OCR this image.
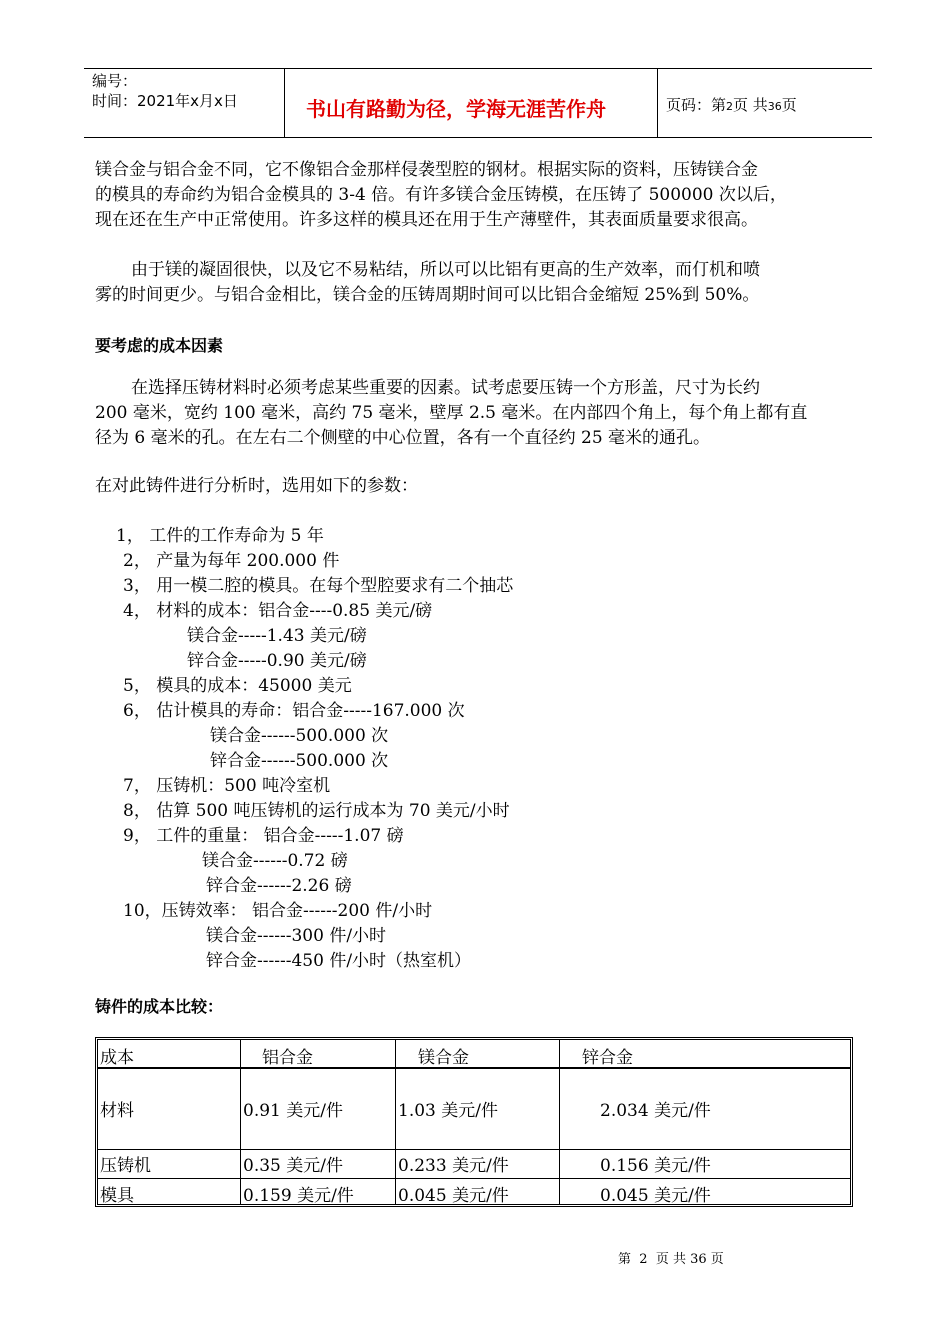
编号：
时间：2021年x月x日	书山有路勤为径，学海无涯苦作舟	页码：第2页 共36页
镁合金与铝合金不同，它不像铝合金那样侵袭型腔的钢材。根据实际的资料，压铸镁合金
的模具的寿命约为铝合金模具的 3-4 倍。有许多镁合金压铸模，在压铸了 500000 次以后，
现在还在生产中正常使用。许多这样的模具还在用于生产薄壁件，其表面质量要求很高。
由于镁的凝固很快，以及它不易粘结，所以可以比铝有更高的生产效率，而仃机和喷
雾的时间更少。与铝合金相比，镁合金的压铸周期时间可以比铝合金缩短 25%到 50%。
要考虑的成本因素
在选择压铸材料时必须考虑某些重要的因素。试考虑要压铸一个方形盖，尺寸为长约
200 毫米，宽约 100 毫米，高约 75 毫米，壁厚 2.5 毫米。在内部四个角上，每个角上都有直
径为 6 毫米的孔。在左右二个侧壁的中心位置，各有一个直径约 25 毫米的通孔。
在对此铸件进行分析时，选用如下的参数：
1， 工件的工作寿命为 5 年
2， 产量为每年 200.000 件
3， 用一模二腔的模具。在每个型腔要求有二个抽芯
4， 材料的成本：铝合金----0.85 美元/磅
镁合金-----1.43 美元/磅
锌合金-----0.90 美元/磅
5， 模具的成本：45000 美元
6， 估计模具的寿命：铝合金-----167.000 次
镁合金------500.000 次
锌合金------500.000 次
7， 压铸机：500 吨冷室机
8， 估算 500 吨压铸机的运行成本为 70 美元/小时
9， 工件的重量： 铝合金-----1.07 磅
镁合金------0.72 磅
锌合金------2.26 磅
10，压铸效率： 铝合金------200 件/小时
镁合金------300 件/小时
锌合金------450 件/小时（热室机）
铸件的成本比较：
成本	铝合金	镁合金	锌合金
材料	0.91 美元/件	1.03 美元/件	2.034 美元/件
压铸机	0.35 美元/件	0.233 美元/件	0.156 美元/件
模具	0.159 美元/件	0.045 美元/件	0.045 美元/件
第 2 页 共 36 页
